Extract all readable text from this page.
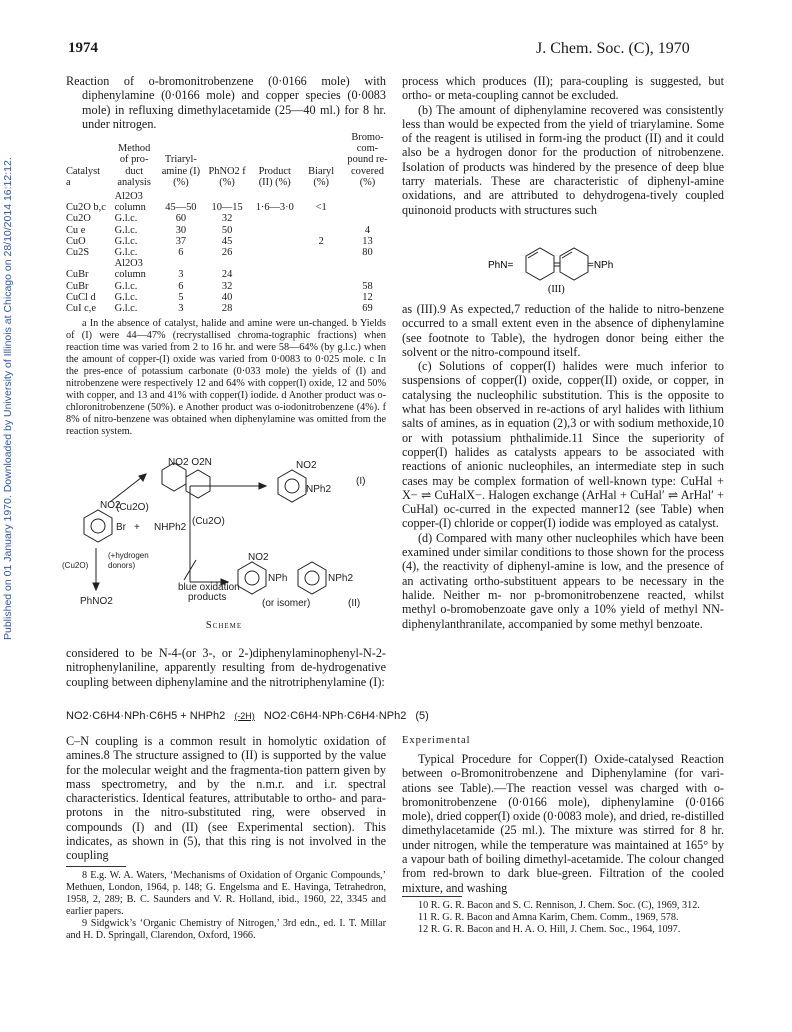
Published on 01 January 1970. Downloaded by University of Illinois at Chicago on 28/10/2014 16:12:12.
1974	J. Chem. Soc. (C), 1970

Reaction of o-bromonitrobenzene (0·0166 mole) with diphenylamine (0·0166 mole) and copper species (0·0083 mole) in refluxing dimethylacetamide (25—40 ml.) for 8 hr. under nitrogen.

Catalyst a	Method of pro-duct analysis	Triaryl-amine (I) (%)	PhNO2 f (%)	Product (II) (%)	Biaryl (%)	Bromo-com-pound re-covered (%)
Cu2O b,c	Al2O3 column	45—50	10—15	1·6—3·0	<1	
Cu2O	G.l.c.	60	32			
Cu e	G.l.c.	30	50			4
CuO	G.l.c.	37	45		2	13
Cu2S	G.l.c.	6	26			80
CuBr	Al2O3 column	3	24			
CuBr	G.l.c.	6	32			58
CuCl d	G.l.c.	5	40			12
CuI c,e	G.l.c.	3	28			69

a In the absence of catalyst, halide and amine were un-changed. b Yields of (I) were 44—47% (recrystallised chroma-tographic fractions) when reaction time was varied from 2 to 16 hr. and were 58—64% (by g.l.c.) when the amount of copper-(I) oxide was varied from 0·0083 to 0·025 mole. c In the pres-ence of potassium carbonate (0·033 mole) the yields of (I) and nitrobenzene were respectively 12 and 64% with copper(I) oxide, 12 and 50% with copper, and 13 and 41% with copper(I) iodide. d Another product was o-chloronitrobenzene (50%). e Another product was o-iodonitrobenzene (4%). f 8% of nitro-benzene was obtained when diphenylamine was omitted from the reaction system.

NO2 O2N
(Cu2O)
NO2
Br + NHPh2
(Cu2O)
(+hydrogen
donors)
(Cu2O)
PhNO2
blue oxidation
products
NO2
NPh2
(I)
NO2
NPh	NPh2
(or isomer)	(II)
Scheme

considered to be N-4-(or 3-, or 2-)diphenylaminophenyl-N-2-nitrophenylaniline, apparently resulting from de-hydrogenative coupling between diphenylamine and the nitrotriphenylamine (I):

NO2·C6H4·NPh·C6H5 + NHPh2 (-2H) NO2·C6H4·NPh·C6H4·NPh2 (5)

C–N coupling is a common result in homolytic oxidation of amines.8 The structure assigned to (II) is supported by the value for the molecular weight and the fragmenta-tion pattern given by mass spectrometry, and by the n.m.r. and i.r. spectral characteristics. Identical features, attributable to ortho- and para-protons in the nitro-substituted ring, were observed in compounds (I) and (II) (see Experimental section). This indicates, as shown in (5), that this ring is not involved in the coupling

8 E.g. W. A. Waters, ‘Mechanisms of Oxidation of Organic Compounds,’ Methuen, London, 1964, p. 148; G. Engelsma and E. Havinga, Tetrahedron, 1958, 2, 289; B. C. Saunders and V. R. Holland, ibid., 1960, 22, 3345 and earlier papers.

9 Sidgwick’s ‘Organic Chemistry of Nitrogen,’ 3rd edn., ed. I. T. Millar and H. D. Springall, Clarendon, Oxford, 1966.

process which produces (II); para-coupling is suggested, but ortho- or meta-coupling cannot be excluded.

(b) The amount of diphenylamine recovered was consistently less than would be expected from the yield of triarylamine. Some of the reagent is utilised in form-ing the product (II) and it could also be a hydrogen donor for the production of nitrobenzene. Isolation of products was hindered by the presence of deep blue tarry materials. These are characteristic of diphenyl-amine oxidations, and are attributed to dehydrogena-tively coupled quinonoid products with structures such

PhN=	=NPh
(III)

as (III).9 As expected,7 reduction of the halide to nitro-benzene occurred to a small extent even in the absence of diphenylamine (see footnote to Table), the hydrogen donor being either the solvent or the nitro-compound itself.

(c) Solutions of copper(I) halides were much inferior to suspensions of copper(I) oxide, copper(II) oxide, or copper, in catalysing the nucleophilic substitution. This is the opposite to what has been observed in re-actions of aryl halides with lithium salts of amines, as in equation (2),3 or with sodium methoxide,10 or with potassium phthalimide.11 Since the superiority of copper(I) halides as catalysts appears to be associated with reactions of anionic nucleophiles, an intermediate step in such cases may be complex formation of well-known type: CuHal + X− ⇌ CuHalX−. Halogen exchange (ArHal + CuHal′ ⇌ ArHal′ + CuHal) oc-curred in the expected manner12 (see Table) when copper-(I) chloride or copper(I) iodide was employed as catalyst.

(d) Compared with many other nucleophiles which have been examined under similar conditions to those shown for the process (4), the reactivity of diphenyl-amine is low, and the presence of an activating ortho-substituent appears to be necessary in the halide. Neither m- nor p-bromonitrobenzene reacted, whilst methyl o-bromobenzoate gave only a 10% yield of methyl NN-diphenylanthranilate, accompanied by some methyl benzoate.

Experimental

Typical Procedure for Copper(I) Oxide-catalysed Reaction between o-Bromonitrobenzene and Diphenylamine (for vari-ations see Table).—The reaction vessel was charged with o-bromonitrobenzene (0·0166 mole), diphenylamine (0·0166 mole), dried copper(I) oxide (0·0083 mole), and dried, re-distilled dimethylacetamide (25 ml.). The mixture was stirred for 8 hr. under nitrogen, while the temperature was maintained at 165° by a vapour bath of boiling dimethyl-acetamide. The colour changed from red-brown to dark blue-green. Filtration of the cooled mixture, and washing

10 R. G. R. Bacon and S. C. Rennison, J. Chem. Soc. (C), 1969, 312.

11 R. G. R. Bacon and Amna Karim, Chem. Comm., 1969, 578.

12 R. G. R. Bacon and H. A. O. Hill, J. Chem. Soc., 1964, 1097.
